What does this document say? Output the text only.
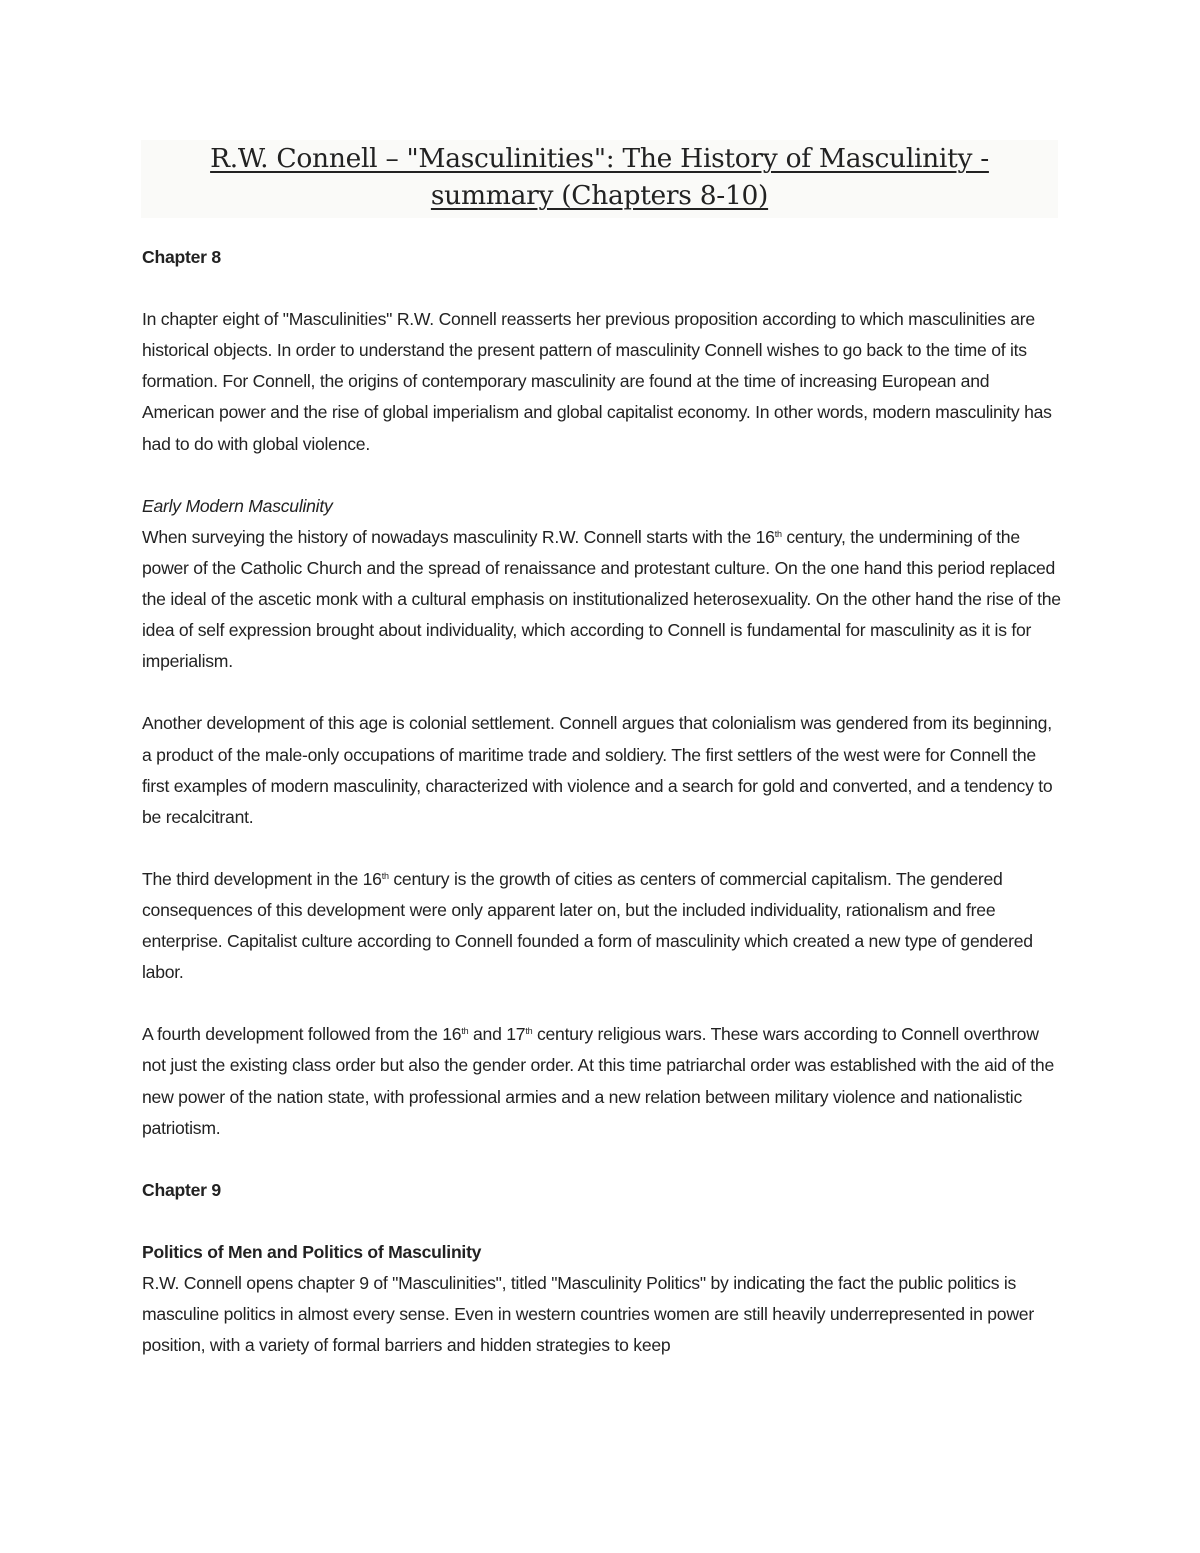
R.W. Connell – "Masculinities": The History of Masculinity -
summary (Chapters 8-10)
Chapter 8

In chapter eight of "Masculinities" R.W. Connell reasserts her previous proposition according to which masculinities are historical objects. In order to understand the present pattern of masculinity Connell wishes to go back to the time of its formation. For Connell, the origins of contemporary masculinity are found at the time of increasing European and American power and the rise of global imperialism and global capitalist economy. In other words, modern masculinity has had to do with global violence.

Early Modern Masculinity

When surveying the history of nowadays masculinity R.W. Connell starts with the 16th century, the undermining of the power of the Catholic Church and the spread of renaissance and protestant culture. On the one hand this period replaced the ideal of the ascetic monk with a cultural emphasis on institutionalized heterosexuality. On the other hand the rise of the idea of self expression brought about individuality, which according to Connell is fundamental for masculinity as it is for imperialism.

Another development of this age is colonial settlement. Connell argues that colonialism was gendered from its beginning, a product of the male-only occupations of maritime trade and soldiery. The first settlers of the west were for Connell the first examples of modern masculinity, characterized with violence and a search for gold and converted, and a tendency to be recalcitrant.

The third development in the 16th century is the growth of cities as centers of commercial capitalism. The gendered consequences of this development were only apparent later on, but the included individuality, rationalism and free enterprise. Capitalist culture according to Connell founded a form of masculinity which created a new type of gendered labor.

A fourth development followed from the 16th and 17th century religious wars. These wars according to Connell overthrow not just the existing class order but also the gender order. At this time patriarchal order was established with the aid of the new power of the nation state, with professional armies and a new relation between military violence and nationalistic patriotism.

Chapter 9
Politics of Men and Politics of Masculinity

R.W. Connell opens chapter 9 of "Masculinities", titled "Masculinity Politics" by indicating the fact the public politics is masculine politics in almost every sense. Even in western countries women are still heavily underrepresented in power position, with a variety of formal barriers and hidden strategies to keep
